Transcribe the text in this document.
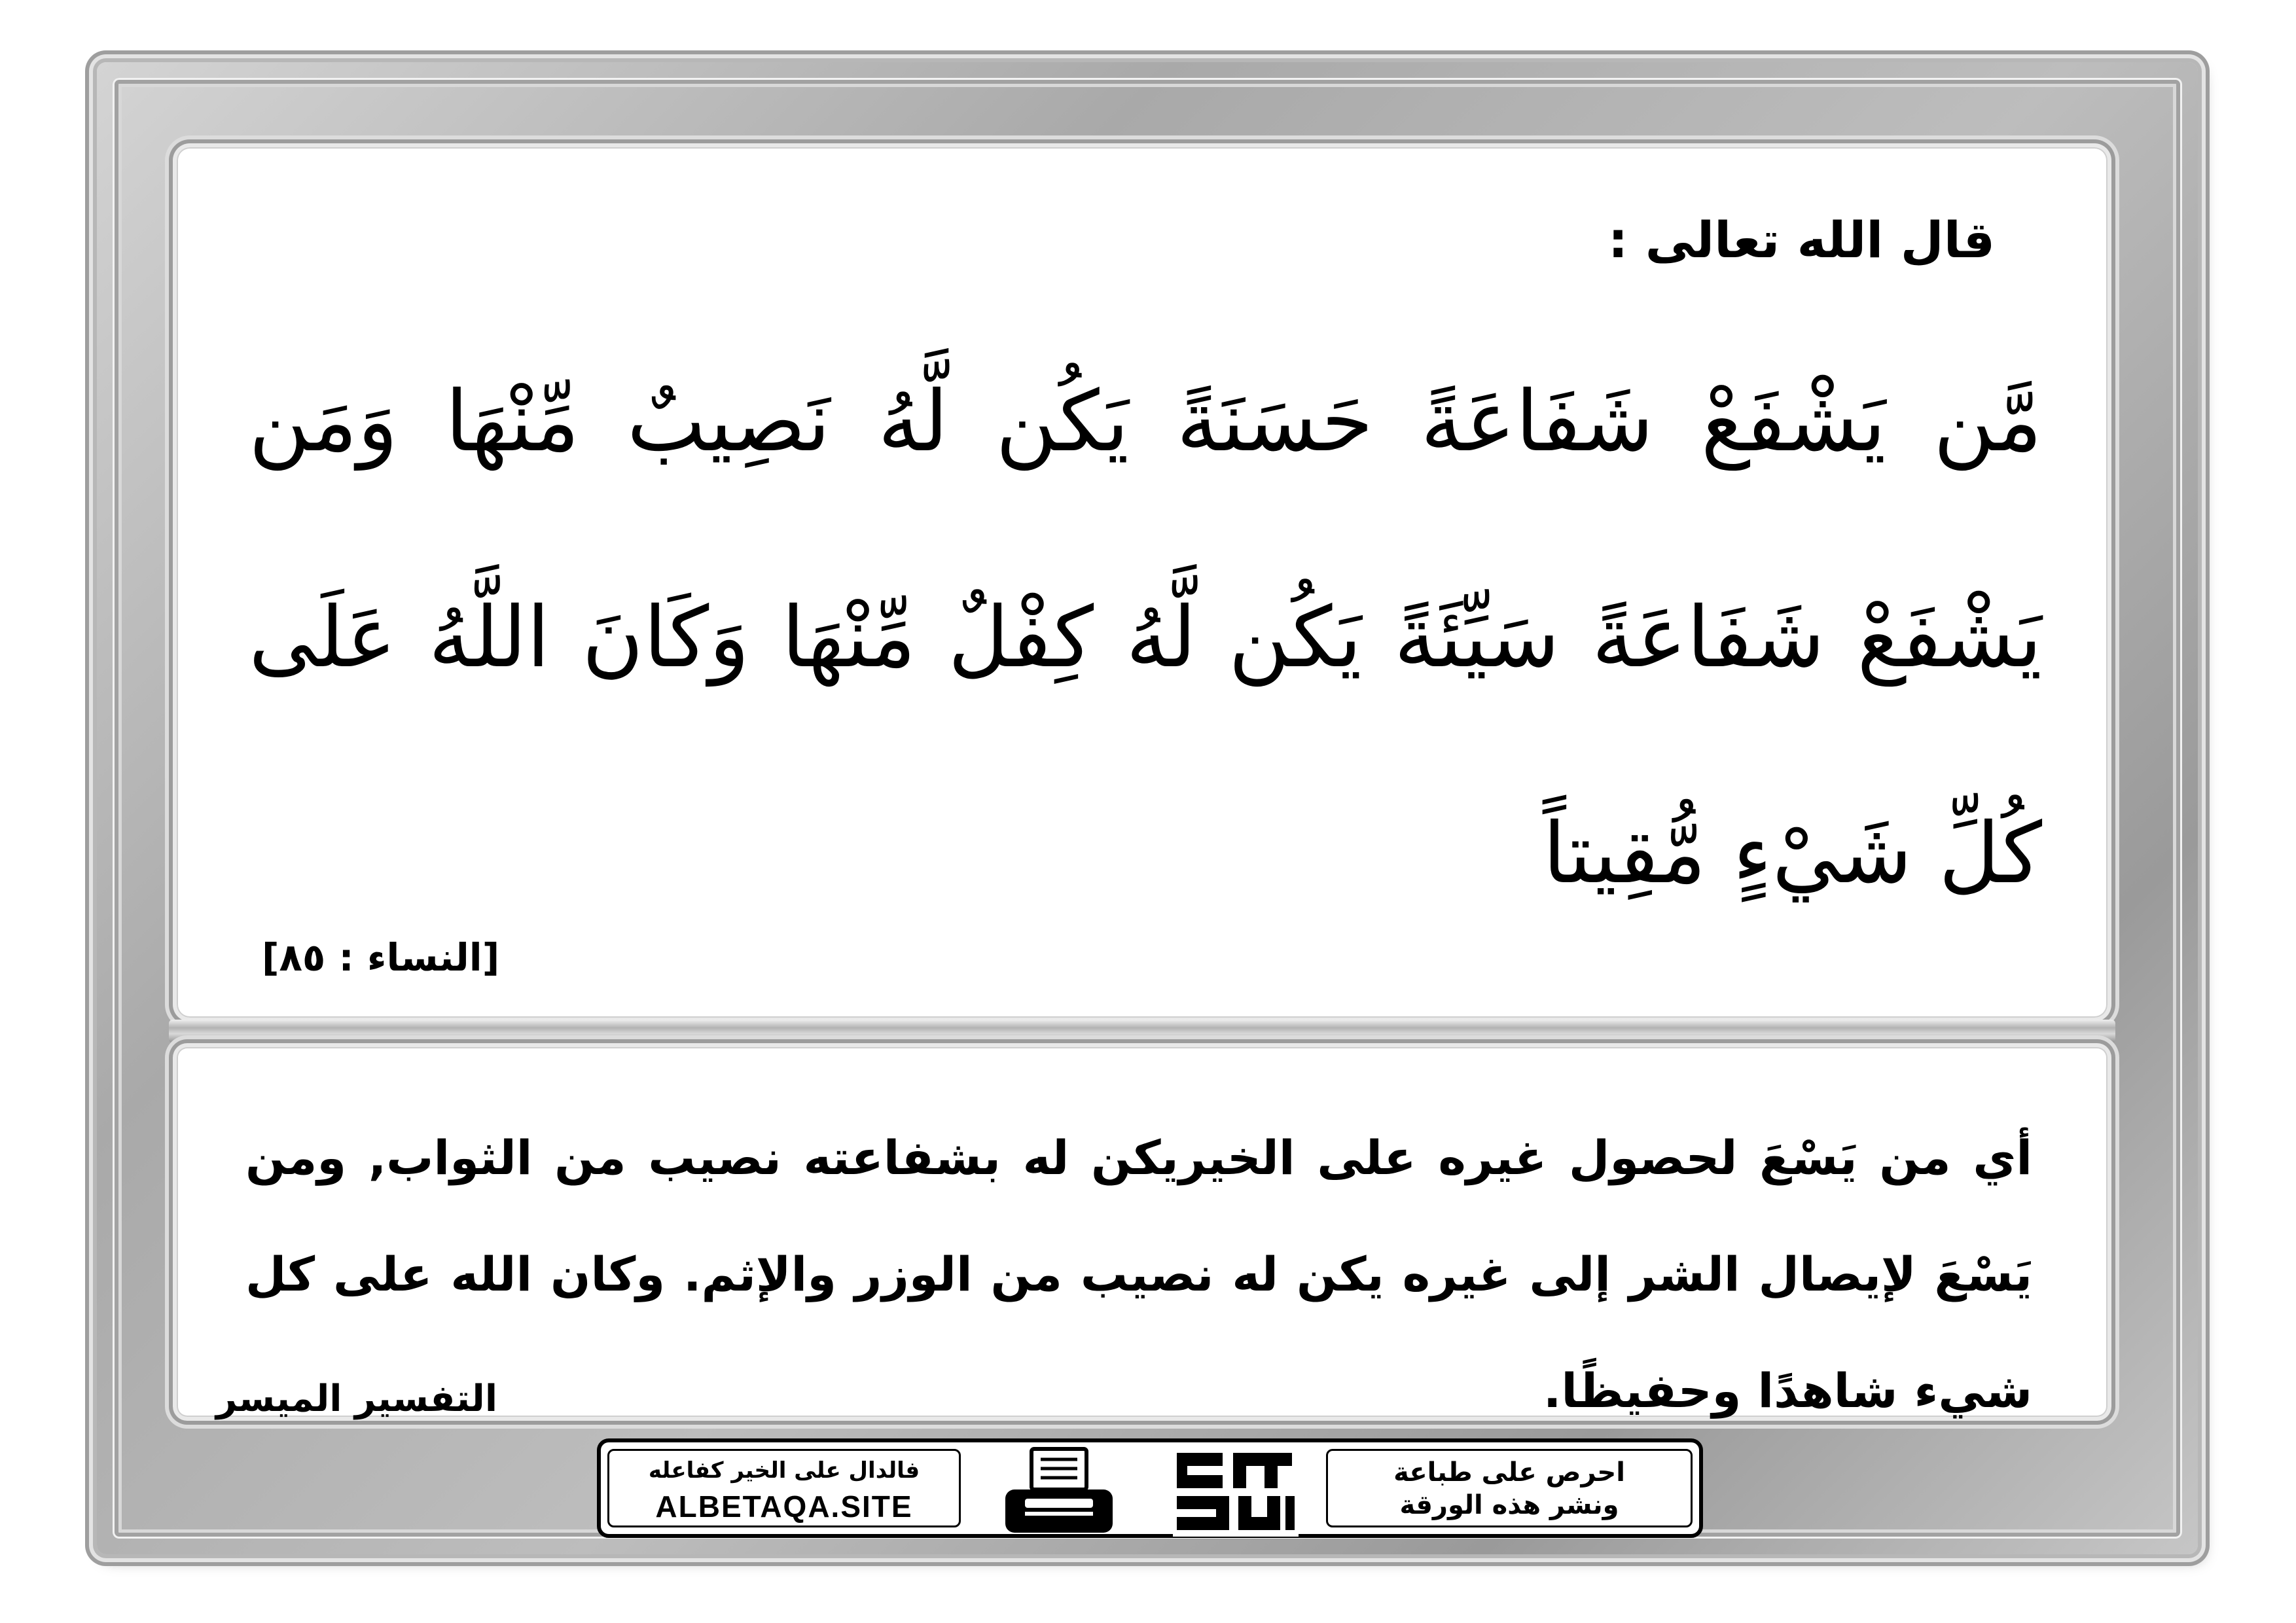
قال الله تعالى :
مَّن يَشْفَعْ شَفَاعَةً حَسَنَةً يَكُن لَّهُ نَصِيبٌ مِّنْهَا وَمَن يَشْفَعْ شَفَاعَةً سَيِّئَةً يَكُن لَّهُ كِفْلٌ مِّنْهَا وَكَانَ اللَّهُ عَلَى كُلِّ شَيْءٍ مُّقِيتاً
[النساء : ٨٥]
أي من يَسْعَ لحصول غيره على الخيريكن له بشفاعته نصيب من الثواب, ومن يَسْعَ لإيصال الشر إلى غيره يكن له نصيب من الوزر والإثم. وكان الله على كل شيء شاهدًا وحفيظًا.
التفسير الميسر
فالدال على الخير كفاعله
ALBETAQA.SITE
احرص على طباعة
ونشر هذه الورقة
